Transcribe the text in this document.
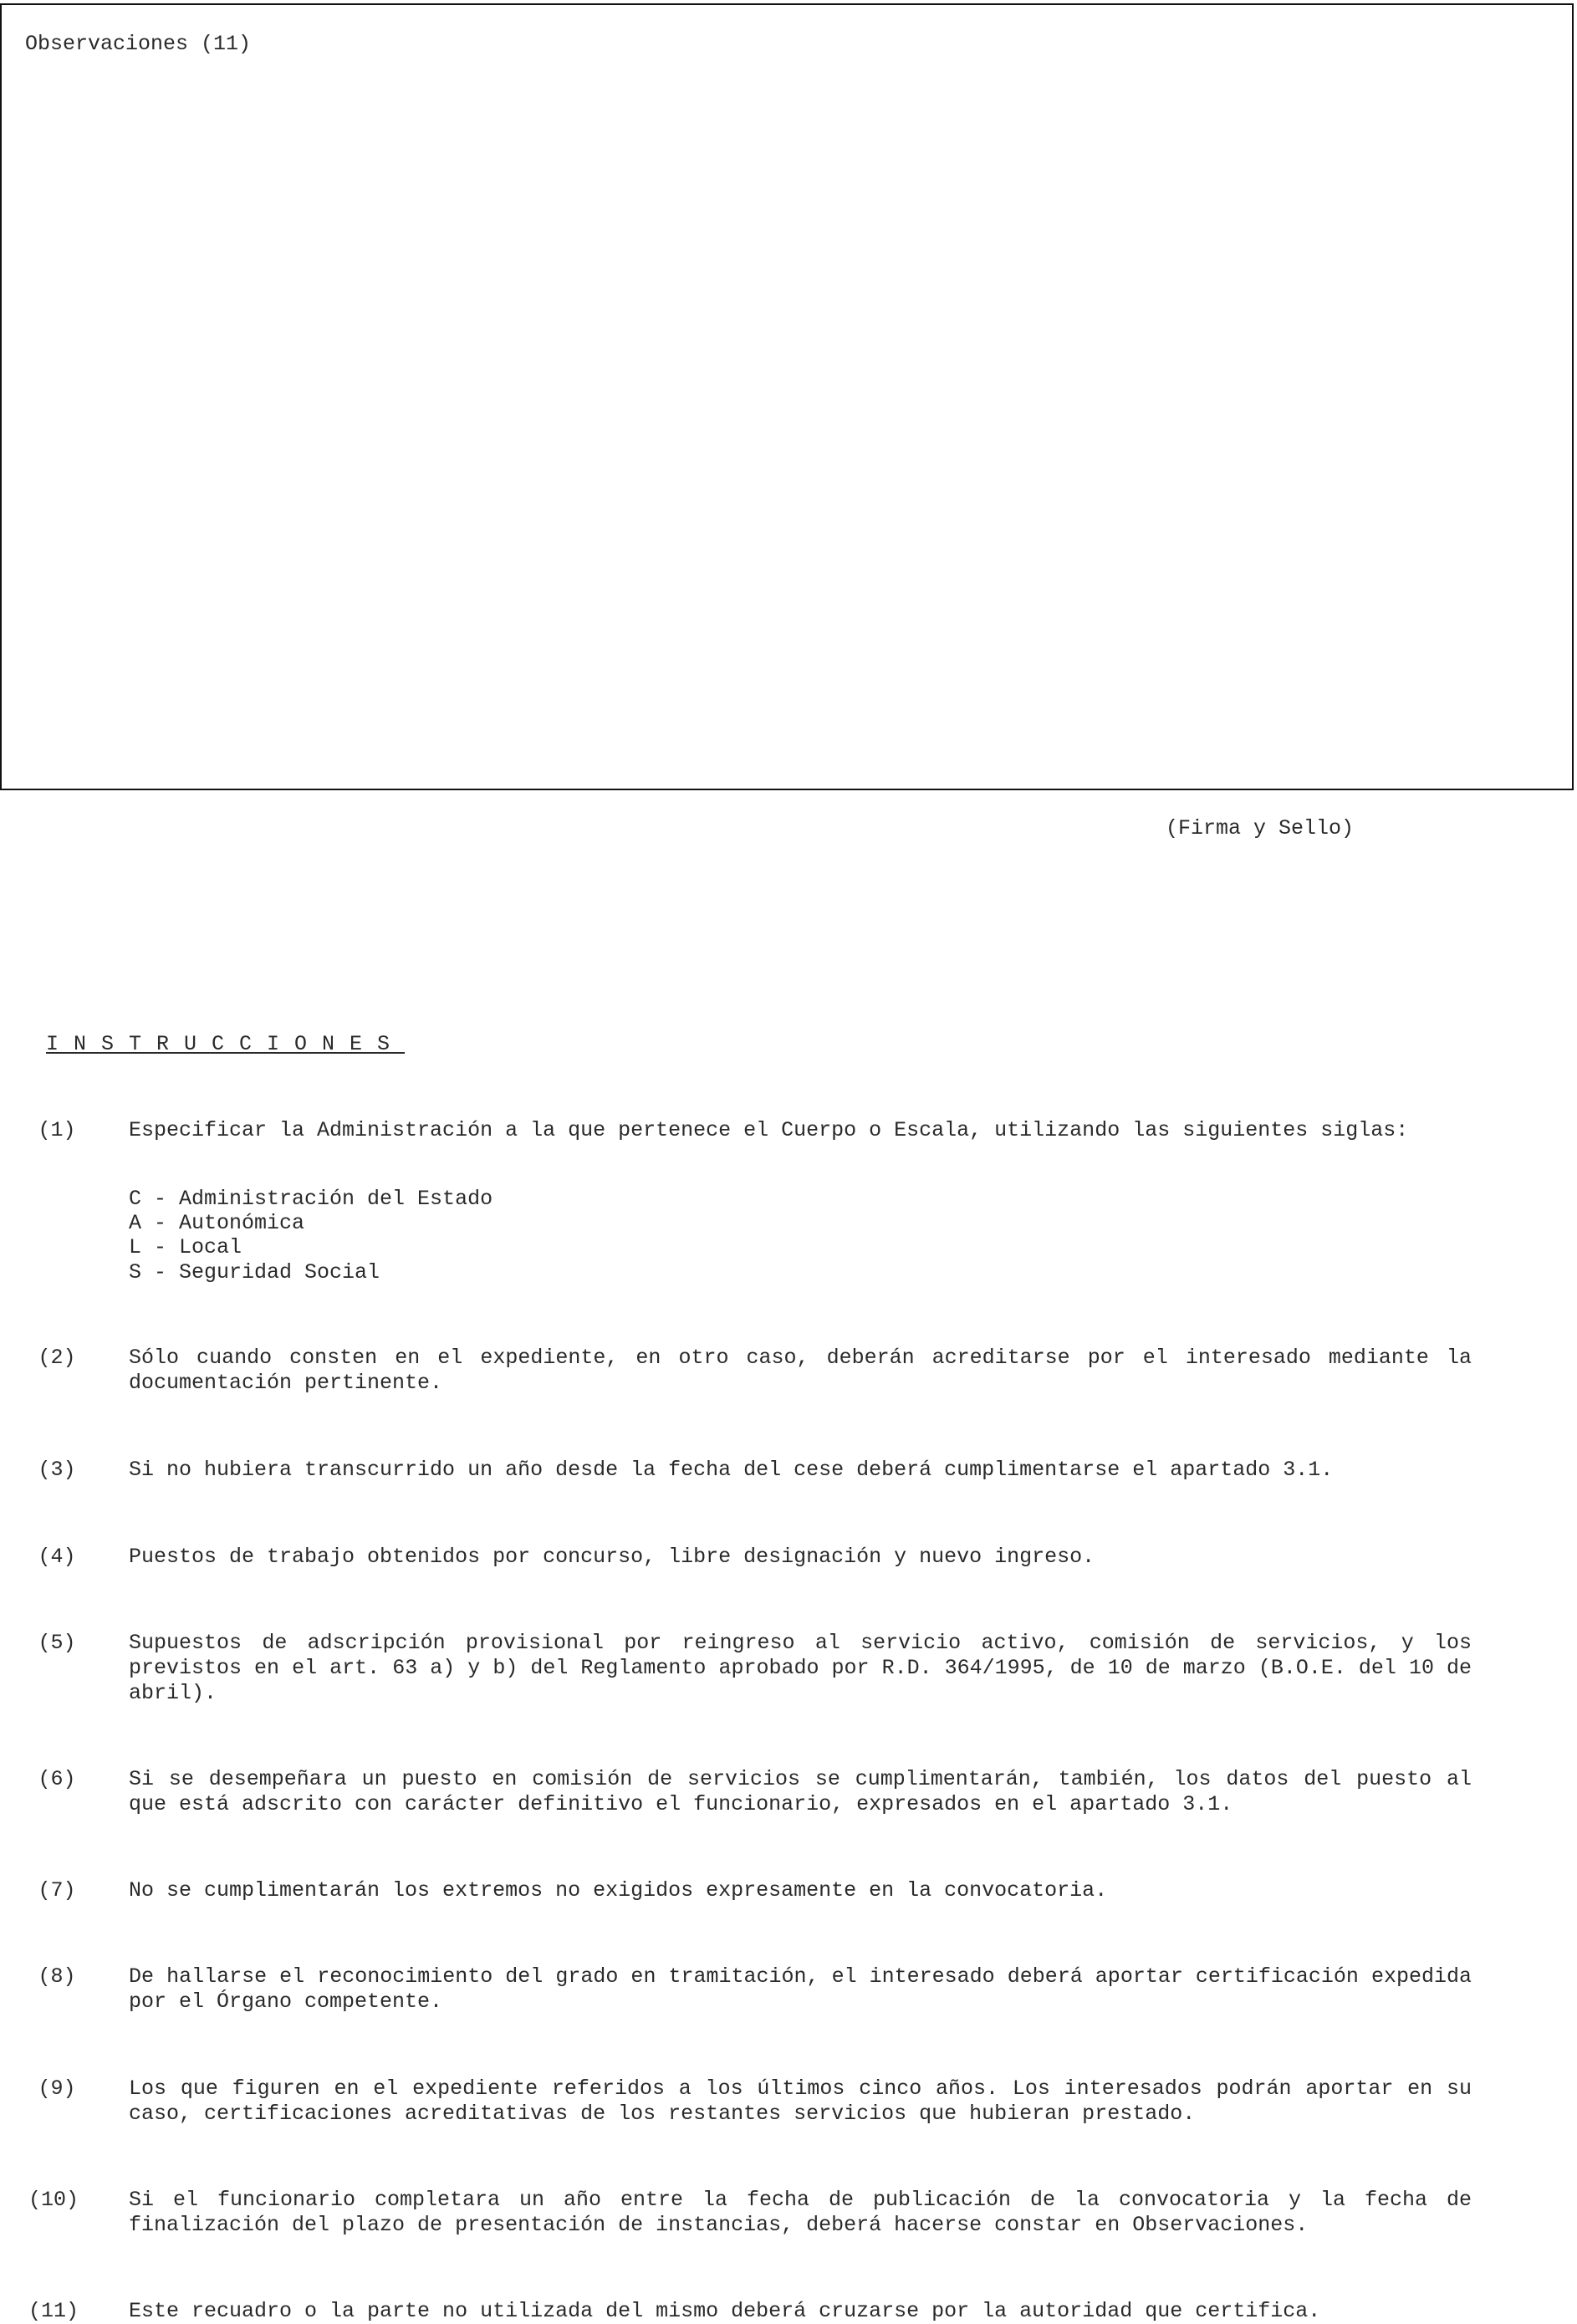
Observaciones (11)
(Firma y Sello)
INSTRUCCIONES
(1)	Especificar la Administración a la que pertenece el Cuerpo o Escala, utilizando las siguientes siglas:
C - Administración del Estado
A - Autonómica
L - Local
S - Seguridad Social
(2)	Sólo cuando consten en el expediente, en otro caso, deberán acreditarse por el interesado mediante la documentación pertinente.
(3)	Si no hubiera transcurrido un año desde la fecha del cese deberá cumplimentarse el apartado 3.1.
(4)	Puestos de trabajo obtenidos por concurso, libre designación y nuevo ingreso.
(5)	Supuestos de adscripción provisional por reingreso al servicio activo, comisión de servicios, y los previstos en el art. 63 a) y b) del Reglamento aprobado por R.D. 364/1995, de 10 de marzo (B.O.E. del 10 de abril).
(6)	Si se desempeñara un puesto en comisión de servicios se cumplimentarán, también, los datos del puesto al que está adscrito con carácter definitivo el funcionario, expresados en el apartado 3.1.
(7)	No se cumplimentarán los extremos no exigidos expresamente en la convocatoria.
(8)	De hallarse el reconocimiento del grado en tramitación, el interesado deberá aportar certificación expedida por el Órgano competente.
(9)	Los que figuren en el expediente referidos a los últimos cinco años. Los interesados podrán aportar en su caso, certificaciones acreditativas de los restantes servicios que hubieran prestado.
(10) Si el funcionario completara un año entre la fecha de publicación de la convocatoria y la fecha de finalización del plazo de presentación de instancias, deberá hacerse constar en Observaciones.
(11) Este recuadro o la parte no utilizada del mismo deberá cruzarse por la autoridad que certifica.
